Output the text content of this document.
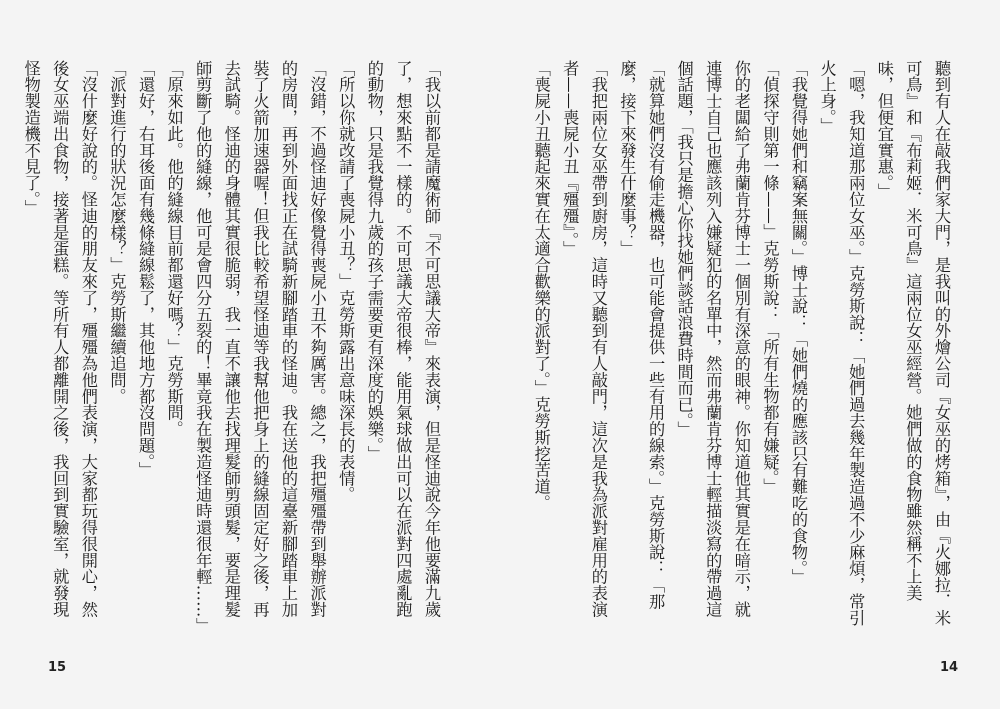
「我以前都是請魔術師『不可思議大帝』來表演，但是怪迪說今年他要滿九歲了，想來點不一樣的。不可思議大帝很棒，能用氣球做出可以在派對四處亂跑的動物，只是我覺得九歲的孩子需要更有深度的娛樂。」

「所以你就改請了喪屍小丑？」克勞斯露出意味深長的表情。

「沒錯，不過怪迪好像覺得喪屍小丑不夠厲害。總之，我把殭殭帶到舉辦派對的房間，再到外面找正在試騎新腳踏車的怪迪。我在送他的這臺新腳踏車上加裝了火箭加速器喔！但我比較希望怪迪等我幫他把身上的縫線固定好之後，再去試騎。怪迪的身體其實很脆弱，我一直不讓他去找理髮師剪頭髮，要是理髮師剪斷了他的縫線，他可是會四分五裂的！畢竟我在製造怪迪時還很年輕……」

「原來如此。他的縫線目前都還好嗎？」克勞斯問。

「還好，右耳後面有幾條縫線鬆了，其他地方都沒問題。」

「派對進行的狀況怎麼樣？」克勞斯繼續追問。

「沒什麼好說的。怪迪的朋友來了，殭殭為他們表演，大家都玩得很開心，然後女巫端出食物，接著是蛋糕。等所有人都離開之後，我回到實驗室，就發現怪物製造機不見了。」

15

聽到有人在敲我們家大門，是我叫的外燴公司『女巫的烤箱』，由『火娜拉．米可鳥』和『布莉姬．米可鳥』這兩位女巫經營。她們做的食物雖然稱不上美味，但便宜實惠。」

「嗯，我知道那兩位女巫。」克勞斯說：「她們過去幾年製造過不少麻煩，常引火上身。」

「我覺得她們和竊案無關。」博士說：「她們燒的應該只有難吃的食物。」

「偵探守則第一條——」克勞斯說：「所有生物都有嫌疑。」

你的老闆給了弗蘭肯芬博士一個別有深意的眼神。你知道他其實是在暗示，就連博士自己也應該列入嫌疑犯的名單中，然而弗蘭肯芬博士輕描淡寫的帶過這個話題，「我只是擔心你找她們談話浪費時間而已。」

「就算她們沒有偷走機器，也可能會提供一些有用的線索。」克勞斯說：「那麼，接下來發生什麼事？」

「我把兩位女巫帶到廚房，這時又聽到有人敲門，這次是我為派對雇用的表演者——喪屍小丑『殭殭』。」

「喪屍小丑聽起來實在太適合歡樂的派對了。」克勞斯挖苦道。

14
